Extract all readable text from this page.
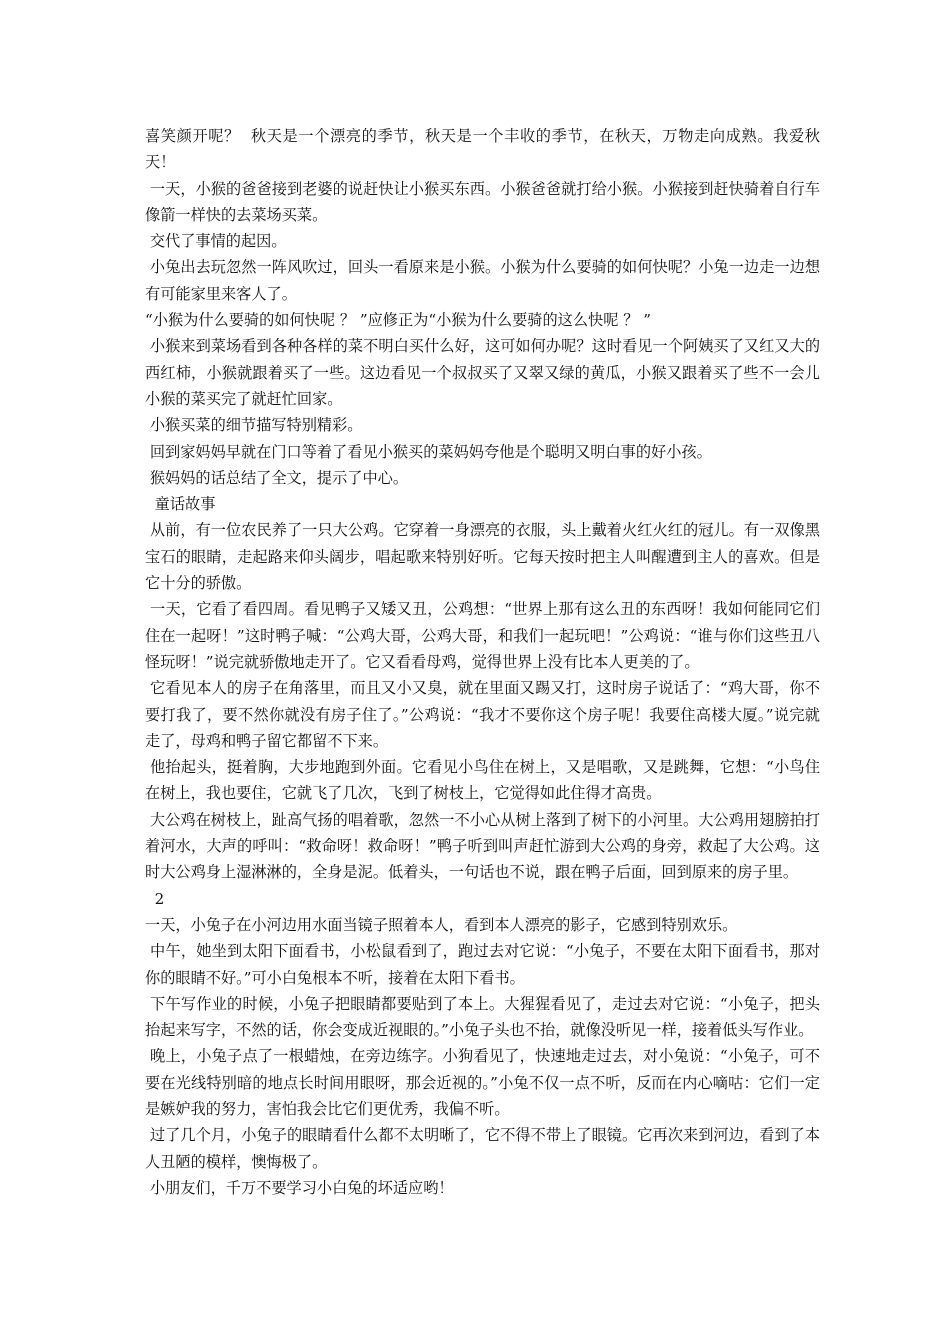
喜笑颜开呢？  秋天是一个漂亮的季节，秋天是一个丰收的季节，在秋天，万物走向成熟。我爱秋天！

一天，小猴的爸爸接到老婆的说赶快让小猴买东西。小猴爸爸就打给小猴。小猴接到赶快骑着自行车像箭一样快的去菜场买菜。

交代了事情的起因。

小兔出去玩忽然一阵风吹过，回头一看原来是小猴。小猴为什么要骑的如何快呢？小兔一边走一边想有可能家里来客人了。

“小猴为什么要骑的如何快呢 ？ ”应修正为“小猴为什么要骑的这么快呢 ？ ”

小猴来到菜场看到各种各样的菜不明白买什么好，这可如何办呢？这时看见一个阿姨买了又红又大的西红柿，小猴就跟着买了一些。这边看见一个叔叔买了又翠又绿的黄瓜，小猴又跟着买了些不一会儿小猴的菜买完了就赶忙回家。

小猴买菜的细节描写特别精彩。

回到家妈妈早就在门口等着了看见小猴买的菜妈妈夸他是个聪明又明白事的好小孩。

猴妈妈的话总结了全文，提示了中心。

童话故事

从前，有一位农民养了一只大公鸡。它穿着一身漂亮的衣服，头上戴着火红火红的冠儿。有一双像黑宝石的眼睛，走起路来仰头阔步，唱起歌来特别好听。它每天按时把主人叫醒遭到主人的喜欢。但是它十分的骄傲。

一天，它看了看四周。看见鸭子又矮又丑，公鸡想：“世界上那有这么丑的东西呀！我如何能同它们住在一起呀！”这时鸭子喊：“公鸡大哥，公鸡大哥，和我们一起玩吧！”公鸡说：“谁与你们这些丑八怪玩呀！”说完就骄傲地走开了。它又看看母鸡，觉得世界上没有比本人更美的了。

它看见本人的房子在角落里，而且又小又臭，就在里面又踢又打，这时房子说话了：“鸡大哥，你不要打我了，要不然你就没有房子住了。”公鸡说：“我才不要你这个房子呢！我要住高楼大厦。”说完就走了，母鸡和鸭子留它都留不下来。

他抬起头，挺着胸，大步地跑到外面。它看见小鸟住在树上，又是唱歌，又是跳舞，它想：“小鸟住在树上，我也要住，它就飞了几次，飞到了树枝上，它觉得如此住得才高贵。

大公鸡在树枝上，趾高气扬的唱着歌，忽然一不小心从树上落到了树下的小河里。大公鸡用翅膀拍打着河水，大声的呼叫：“救命呀！救命呀！”鸭子听到叫声赶忙游到大公鸡的身旁，救起了大公鸡。这时大公鸡身上湿淋淋的，全身是泥。低着头，一句话也不说，跟在鸭子后面，回到原来的房子里。

2

一天，小兔子在小河边用水面当镜子照着本人，看到本人漂亮的影子，它感到特别欢乐。

中午，她坐到太阳下面看书，小松鼠看到了，跑过去对它说：“小兔子，不要在太阳下面看书，那对你的眼睛不好。”可小白兔根本不听，接着在太阳下看书。

下午写作业的时候，小兔子把眼睛都要贴到了本上。大猩猩看见了，走过去对它说：“小兔子，把头抬起来写字，不然的话，你会变成近视眼的。”小兔子头也不抬，就像没听见一样，接着低头写作业。

晚上，小兔子点了一根蜡烛，在旁边练字。小狗看见了，快速地走过去，对小兔说：“小兔子，可不要在光线特别暗的地点长时间用眼呀，那会近视的。”小兔不仅一点不听，反而在内心嘀咕：它们一定是嫉妒我的努力，害怕我会比它们更优秀，我偏不听。

过了几个月，小兔子的眼睛看什么都不太明晰了，它不得不带上了眼镜。它再次来到河边，看到了本人丑陋的模样，懊悔极了。

小朋友们，千万不要学习小白兔的坏适应哟！
